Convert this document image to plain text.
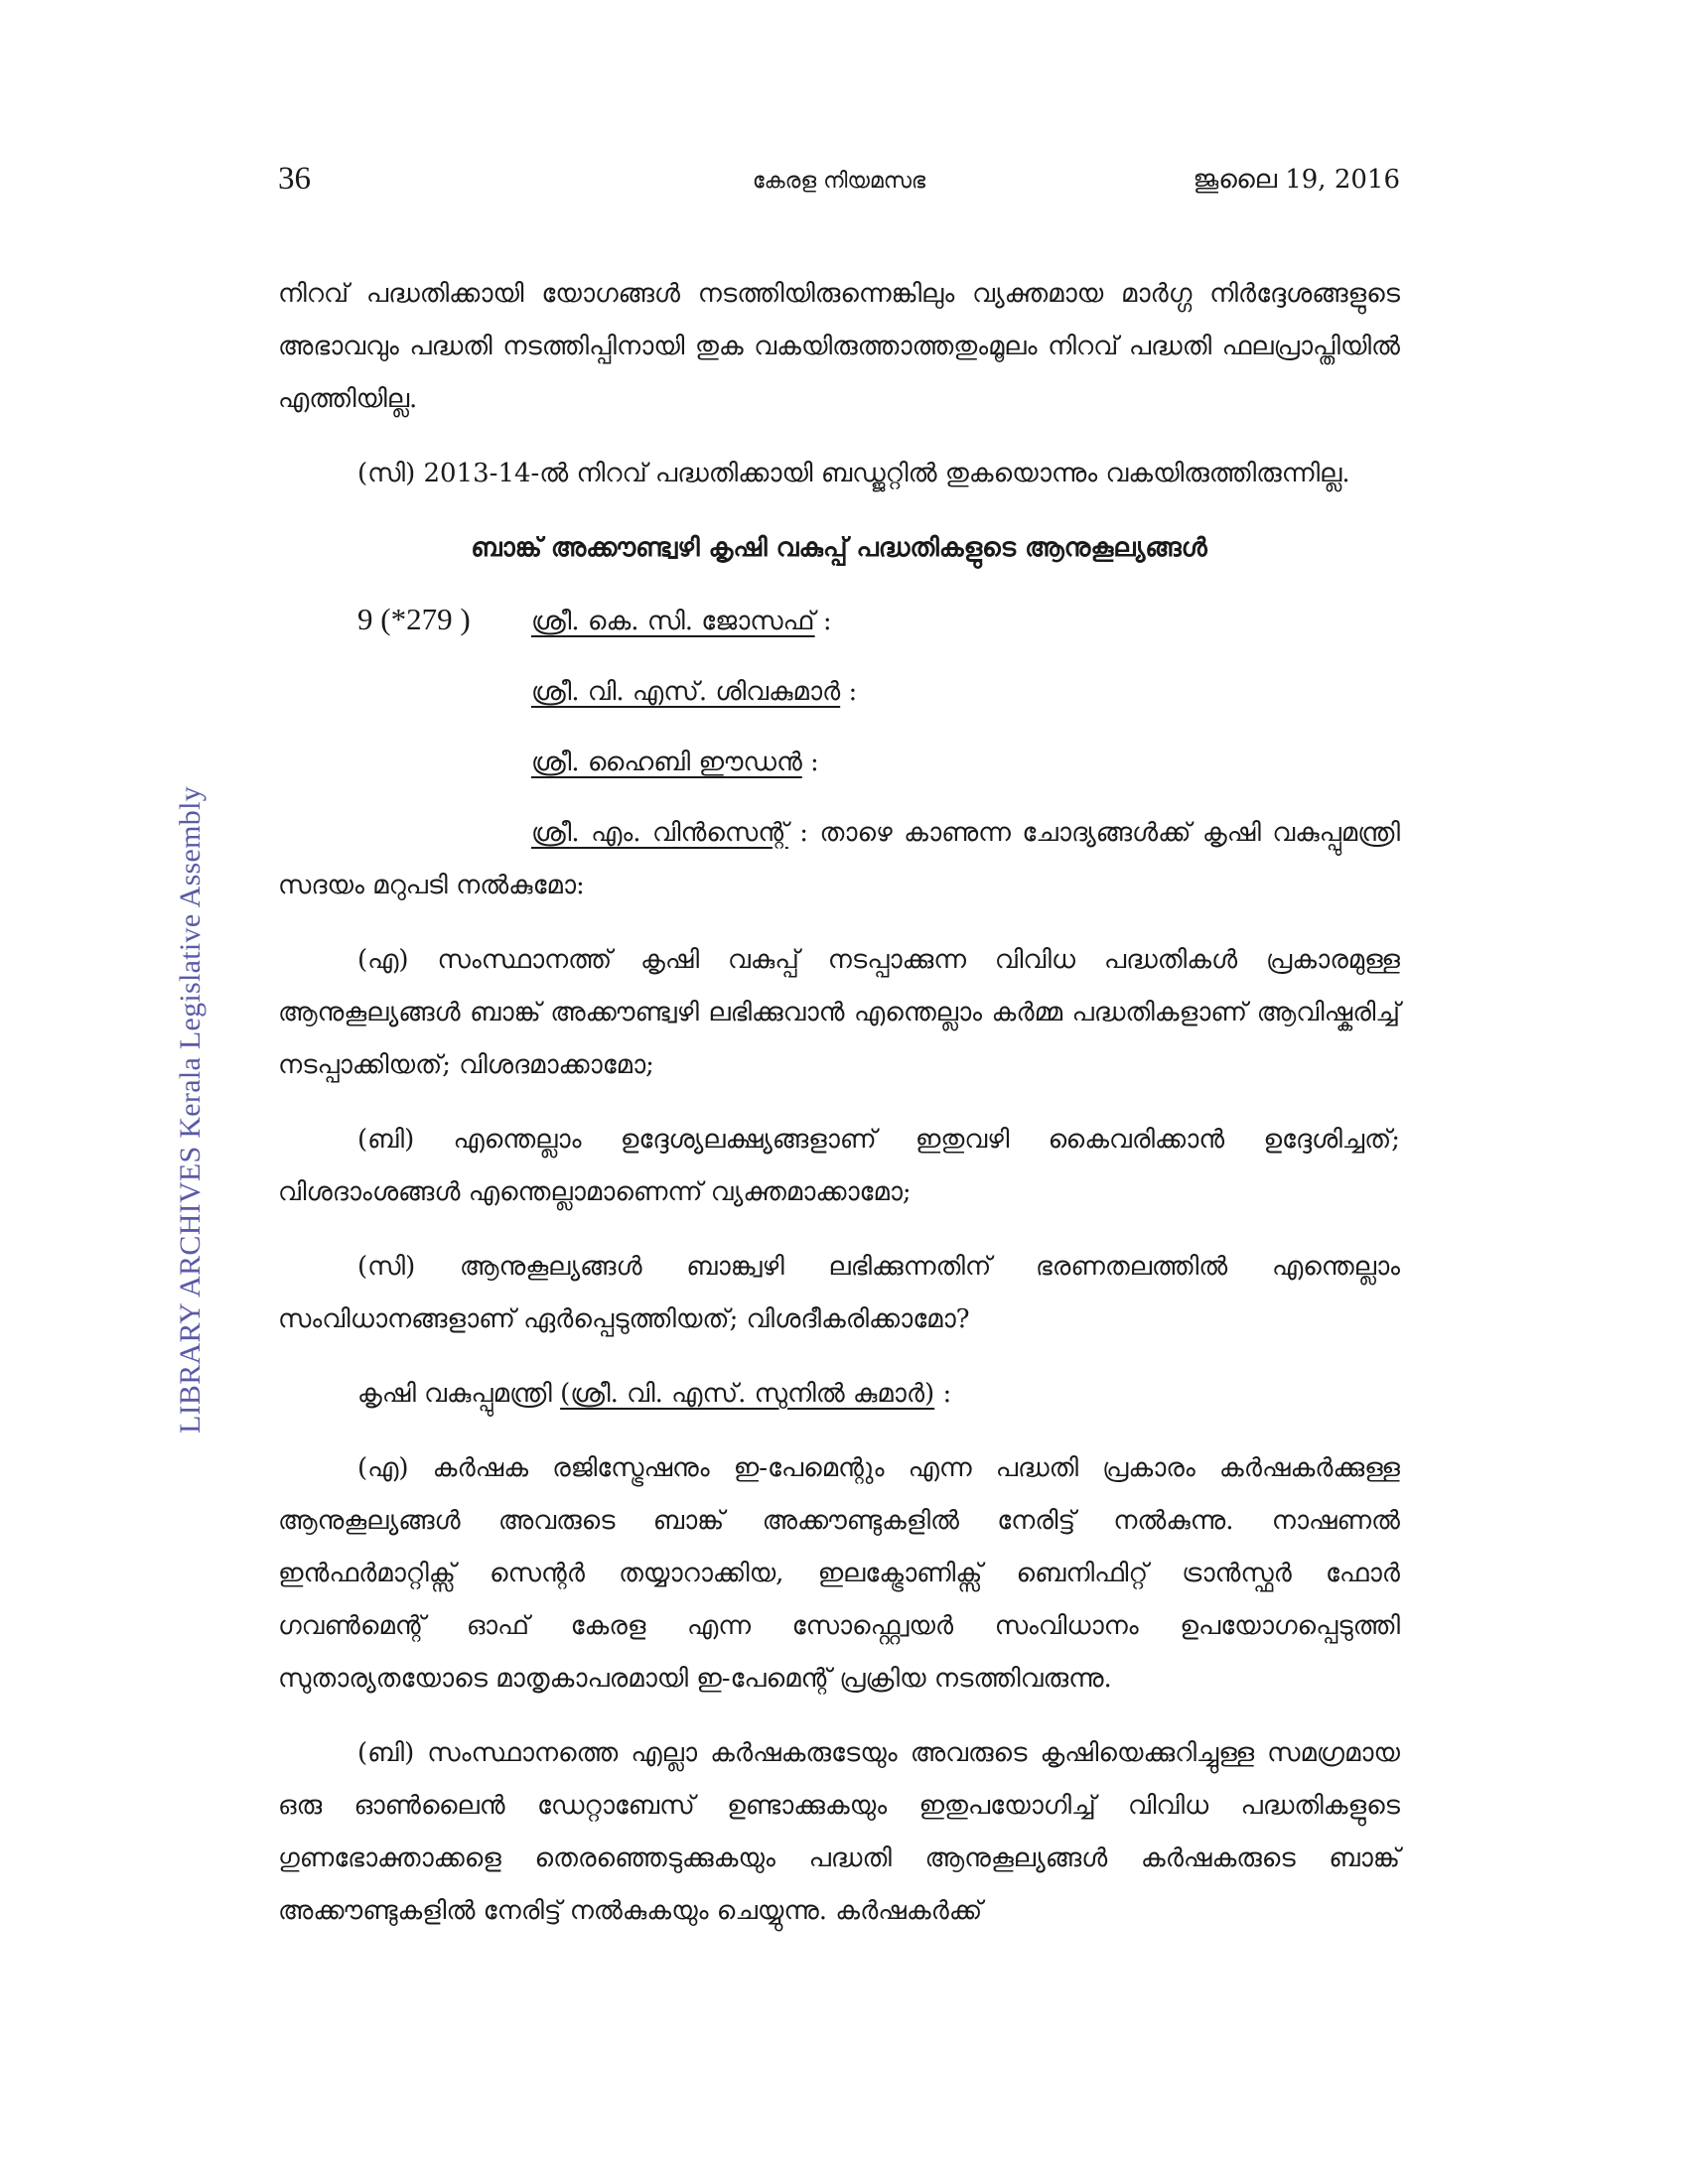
LIBRARY ARCHIVES Kerala Legislative Assembly
36	കേരള നിയമസഭ	ജൂലൈ 19, 2016

നിറവ് പദ്ധതിക്കായി യോഗങ്ങൾ നടത്തിയിരുന്നെങ്കിലും വ്യക്തമായ മാർഗ്ഗ നിർദ്ദേശങ്ങളുടെ അഭാവവും പദ്ധതി നടത്തിപ്പിനായി തുക വകയിരുത്താത്തതുംമൂലം നിറവ് പദ്ധതി ഫലപ്രാപ്തിയിൽ എത്തിയില്ല.

(സി) 2013-14-ൽ നിറവ് പദ്ധതിക്കായി ബഡ്ജറ്റിൽ തുകയൊന്നും വകയിരുത്തിരുന്നില്ല.

ബാങ്ക് അക്കൗണ്ട്വഴി കൃഷി വകുപ്പ് പദ്ധതികളുടെ ആനുകൂല്യങ്ങൾ
9 (*279 ) ശ്രീ. കെ. സി. ജോസഫ് :
ശ്രീ. വി. എസ്. ശിവകുമാർ :
ശ്രീ. ഹൈബി ഈഡൻ :

ശ്രീ. എം. വിൻസെന്റ് : താഴെ കാണുന്ന ചോദ്യങ്ങൾക്ക് കൃഷി വകുപ്പുമന്ത്രി സദയം മറുപടി നൽകുമോ:

(എ) സംസ്ഥാനത്ത് കൃഷി വകുപ്പ് നടപ്പാക്കുന്ന വിവിധ പദ്ധതികൾ പ്രകാരമുള്ള ആനുകൂല്യങ്ങൾ ബാങ്ക് അക്കൗണ്ട്വഴി ലഭിക്കുവാൻ എന്തെല്ലാം കർമ്മ പദ്ധതികളാണ് ആവിഷ്കരിച്ച് നടപ്പാക്കിയത്; വിശദമാക്കാമോ;

(ബി) എന്തെല്ലാം ഉദ്ദേശ്യലക്ഷ്യങ്ങളാണ് ഇതുവഴി കൈവരിക്കാൻ ഉദ്ദേശിച്ചത്; വിശദാംശങ്ങൾ എന്തെല്ലാമാണെന്ന് വ്യക്തമാക്കാമോ;

(സി) ആനുകൂല്യങ്ങൾ ബാങ്ക്വഴി ലഭിക്കുന്നതിന് ഭരണതലത്തിൽ എന്തെല്ലാം സംവിധാനങ്ങളാണ് ഏർപ്പെടുത്തിയത്; വിശദീകരിക്കാമോ?

കൃഷി വകുപ്പുമന്ത്രി (ശ്രീ. വി. എസ്. സുനിൽ കുമാർ) :

(എ) കർഷക രജിസ്ട്രേഷനും ഇ-പേമെന്റും എന്ന പദ്ധതി പ്രകാരം കർഷകർക്കുള്ള ആനുകൂല്യങ്ങൾ അവരുടെ ബാങ്ക് അക്കൗണ്ടുകളിൽ നേരിട്ട് നൽകുന്നു. നാഷണൽ ഇൻഫർമാറ്റിക്സ് സെന്റർ തയ്യാറാക്കിയ, ഇലക്ട്രോണിക്സ് ബെനിഫിറ്റ് ട്രാൻസ്ഫർ ഫോർ ഗവൺമെന്റ് ഓഫ് കേരള എന്ന സോഫ്റ്റ്വെയർ സംവിധാനം ഉപയോഗപ്പെടുത്തി സുതാര്യതയോടെ മാതൃകാപരമായി ഇ-പേമെന്റ് പ്രക്രിയ നടത്തിവരുന്നു.

(ബി) സംസ്ഥാനത്തെ എല്ലാ കർഷകരുടേയും അവരുടെ കൃഷിയെക്കുറിച്ചുള്ള സമഗ്രമായ ഒരു ഓൺലൈൻ ഡേറ്റാബേസ് ഉണ്ടാക്കുകയും ഇതുപയോഗിച്ച് വിവിധ പദ്ധതികളുടെ ഗുണഭോക്താക്കളെ തെരഞ്ഞെടുക്കുകയും പദ്ധതി ആനുകൂല്യങ്ങൾ കർഷകരുടെ ബാങ്ക് അക്കൗണ്ടുകളിൽ നേരിട്ട് നൽകുകയും ചെയ്യുന്നു. കർഷകർക്ക്
